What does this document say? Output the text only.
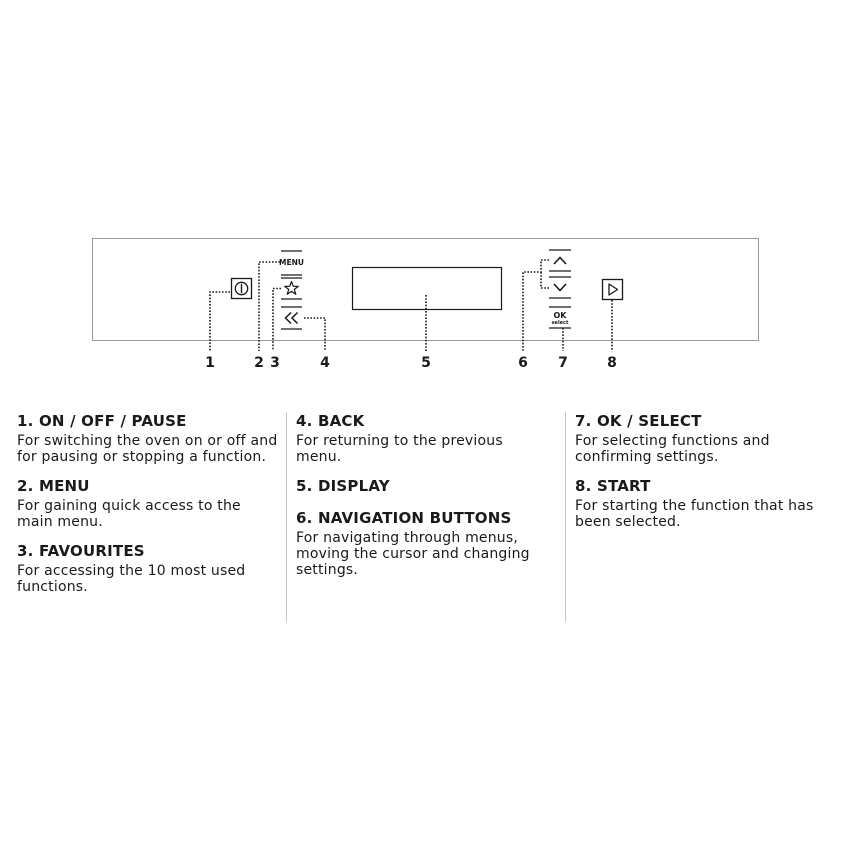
MENU
OK
select
1	2 3	4	5	6 7	8
1. ON / OFF / PAUSE

For switching the oven on or off and for pausing or stopping a function.

2. MENU

For gaining quick access to the main menu.

3. FAVOURITES

For accessing the 10 most used functions.

4. BACK

For returning to the previous menu.

5. DISPLAY
6. NAVIGATION BUTTONS

For navigating through menus, moving the cursor and changing settings.

7. OK / SELECT

For selecting functions and confirming settings.

8. START

For starting the function that has been selected.
